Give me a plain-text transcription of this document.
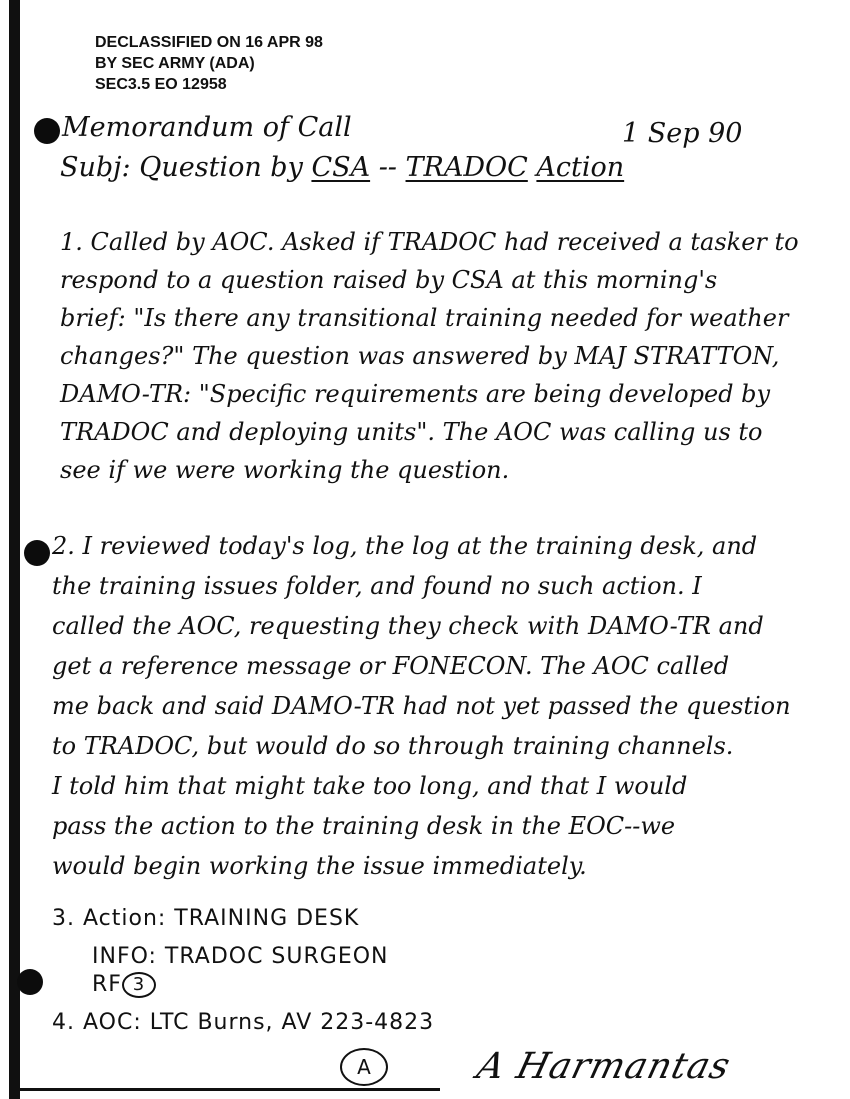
DECLASSIFIED ON 16 APR 98
BY SEC ARMY (ADA)
SEC3.5 EO 12958
Memorandum of Call	1 Sep 90
Subj: Question by CSA -- TRADOC Action
1. Called by AOC. Asked if TRADOC had received a tasker to
respond to a question raised by CSA at this morning's
brief: "Is there any transitional training needed for weather
changes?" The question was answered by MAJ STRATTON,
DAMO-TR: "Specific requirements are being developed by
TRADOC and deploying units". The AOC was calling us to
see if we were working the question.
2. I reviewed today's log, the log at the training desk, and
the training issues folder, and found no such action. I
called the AOC, requesting they check with DAMO-TR and
get a reference message or FONECON. The AOC called
me back and said DAMO-TR had not yet passed the question
to TRADOC, but would do so through training channels.
I told him that might take too long, and that I would
pass the action to the training desk in the EOC--we
would begin working the issue immediately.
3. Action: TRAINING DESK
INFO: TRADOC SURGEON
RF 3
4. AOC: LTC Burns, AV 223-4823
A	A Harmantas
